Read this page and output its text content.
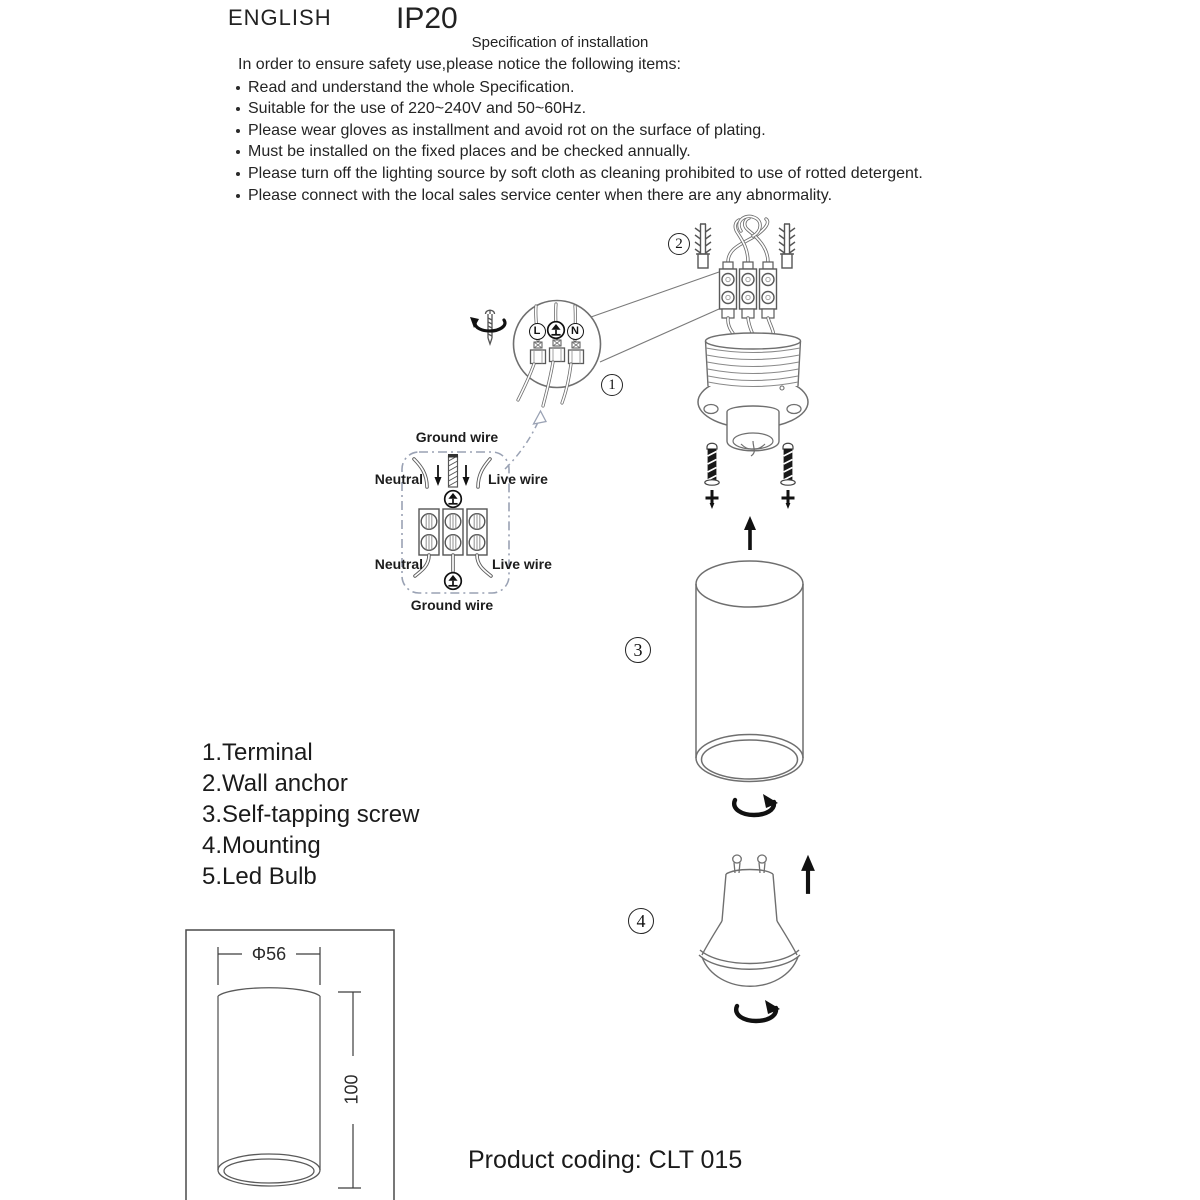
ENGLISH IP20
Specification of installation
In order to ensure safety use,please notice the following items:
Read and understand the whole Specification.
Suitable for the use of 220~240V and 50~60Hz.
Please wear gloves as installment and avoid rot on the surface of plating.
Must be installed on the fixed places and be checked annually.
Please turn off the lighting source by soft cloth as cleaning prohibited to use of rotted detergent.
Please connect with the local sales service center when there are any abnormality.
2
1
3
4
L	N
Ground wire
Neutral	Live wire
Neutral	Live wire
Ground wire
1.Terminal
2.Wall anchor
3.Self-tapping screw
4.Mounting
5.Led Bulb
Φ56
100
Product coding: CLT 015
